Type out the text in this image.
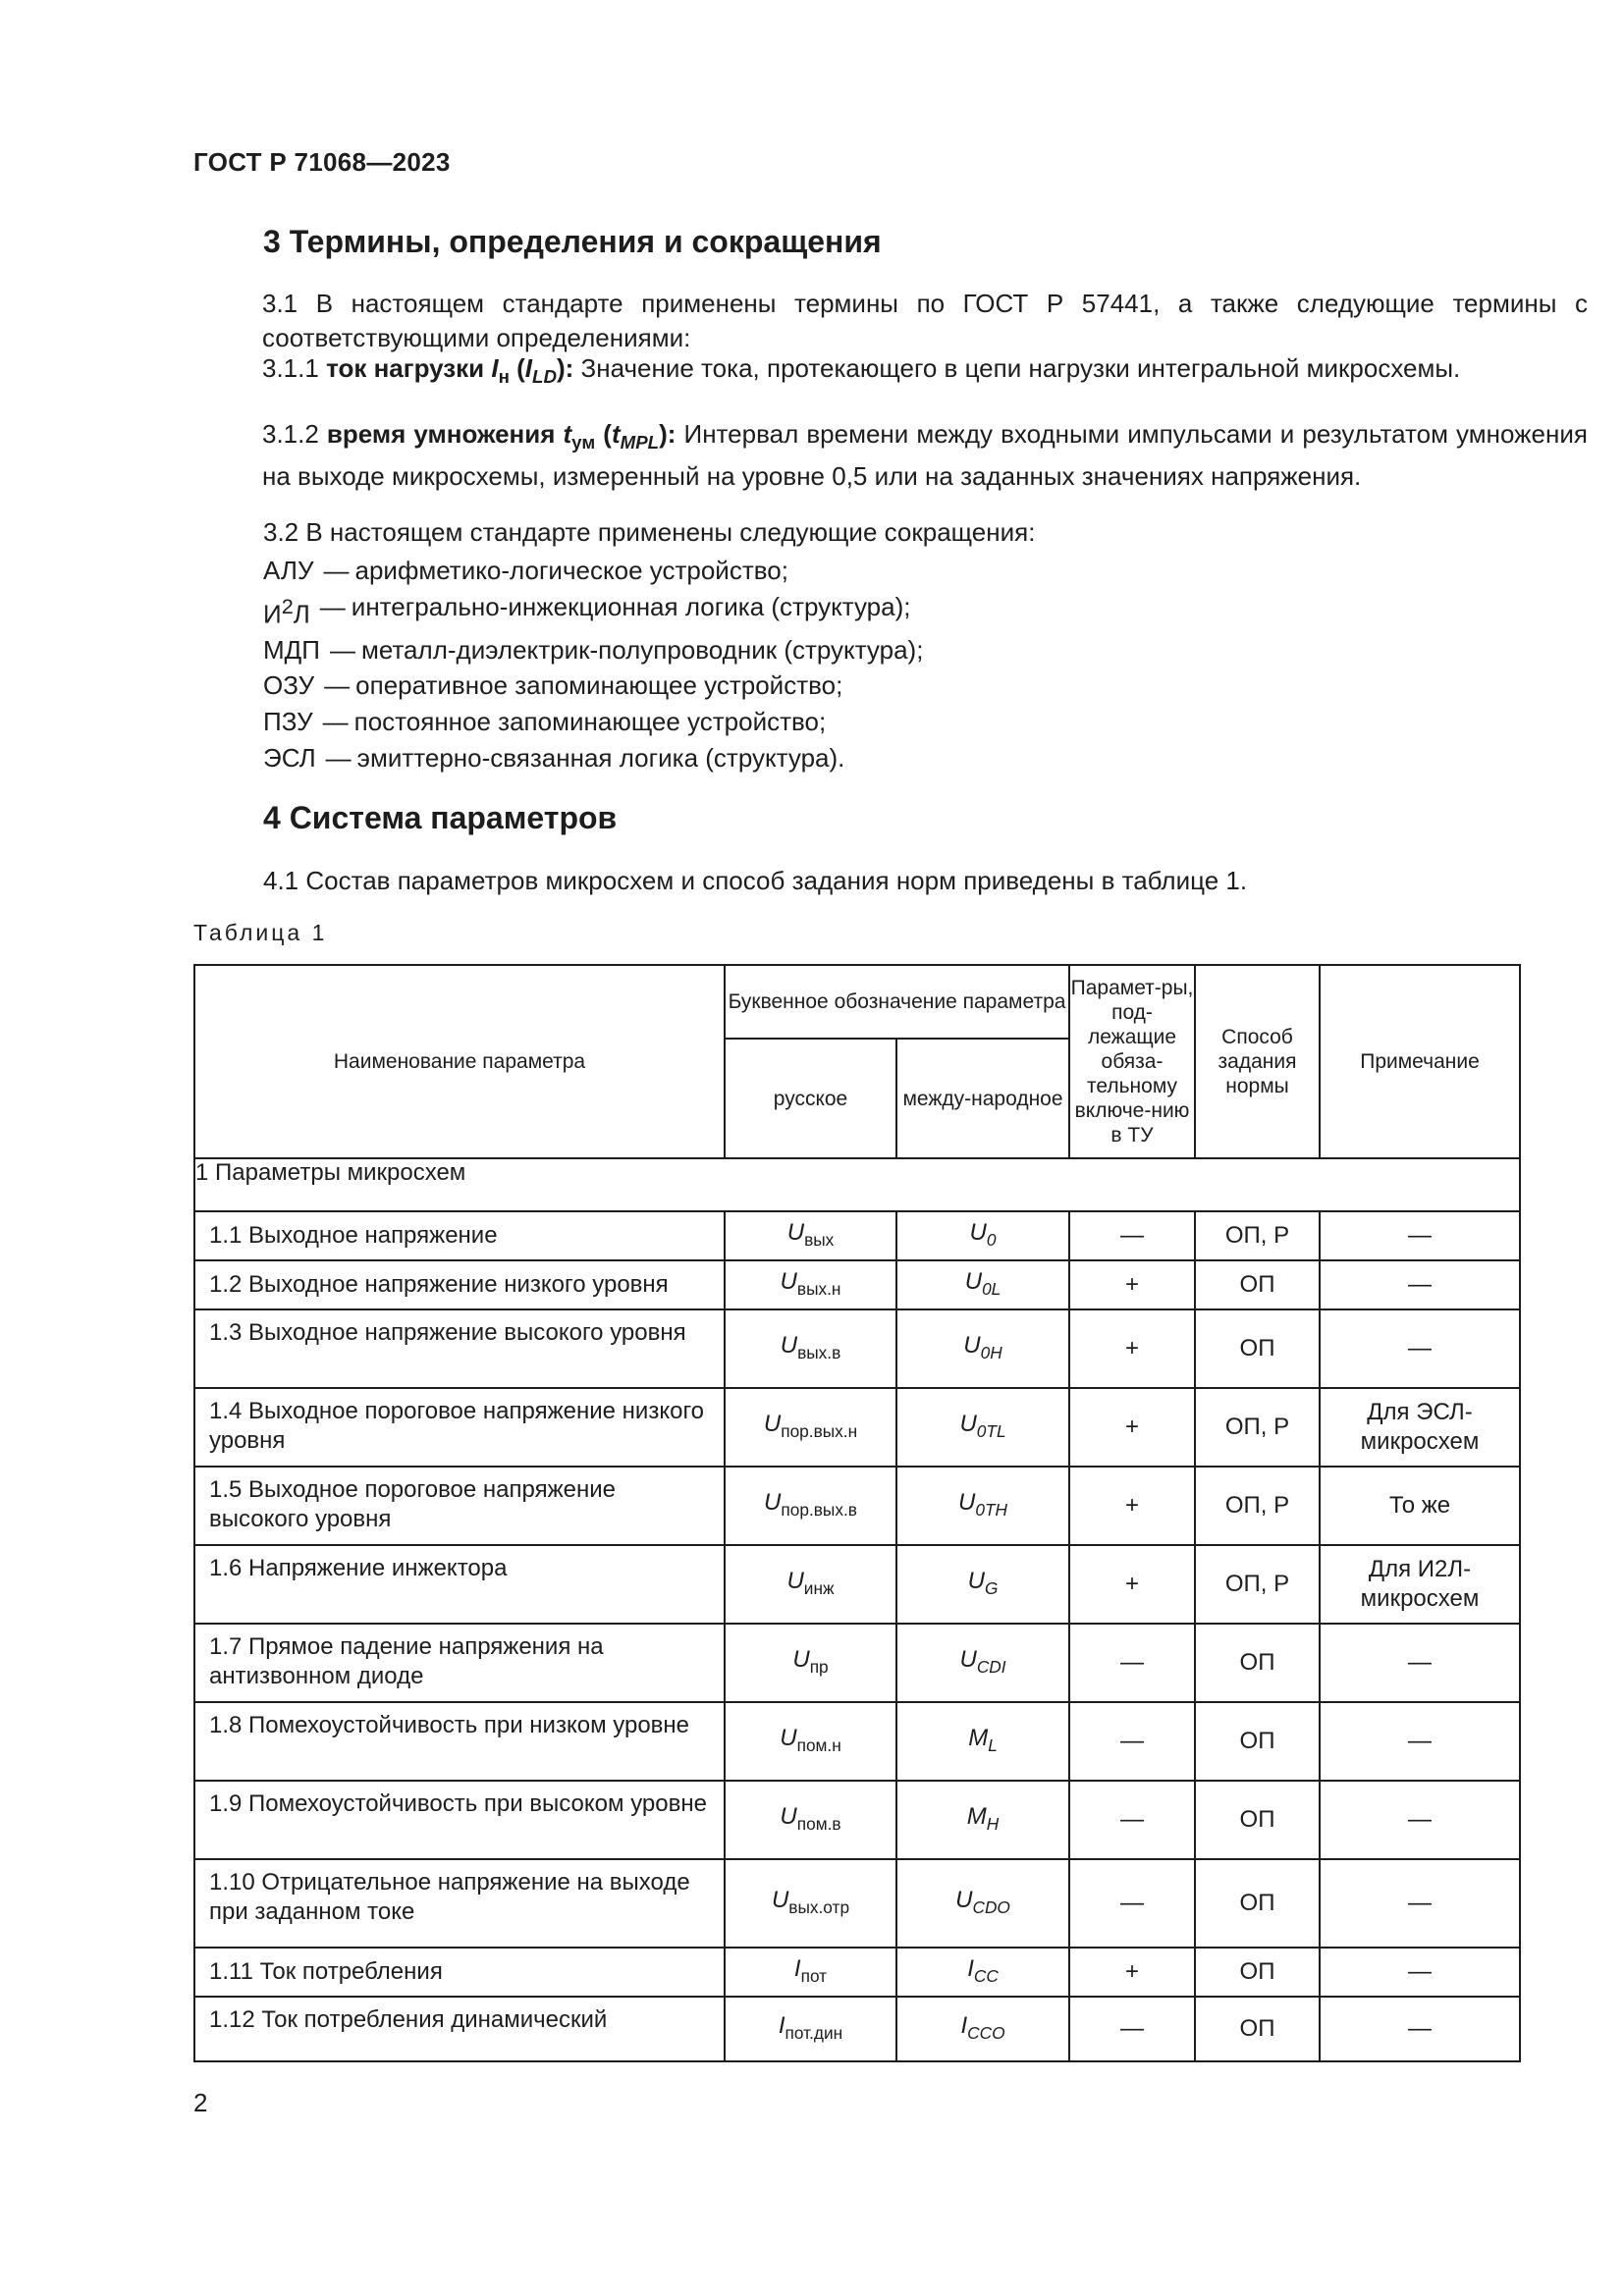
ГОСТ Р 71068—2023
3 Термины, определения и сокращения
3.1 В настоящем стандарте применены термины по ГОСТ Р 57441, а также следующие термины с соответствующими определениями:
3.1.1 ток нагрузки $I_н$ $(I_{LD})$: Значение тока, протекающего в цепи нагрузки интегральной микросхемы.
3.1.2 время умножения $t_{ум}$ $(t_{MPL})$: Интервал времени между входными импульсами и результатом умножения на выходе микросхемы, измеренный на уровне 0,5 или на заданных значениях напряжения.
3.2 В настоящем стандарте применены следующие сокращения:
АЛУ — арифметико-логическое устройство;
$И^2Л$ — интегрально-инжекционная логика (структура);
МДП — металл-диэлектрик-полупроводник (структура);
ОЗУ — оперативное запоминающее устройство;
ПЗУ — постоянное запоминающее устройство;
ЭСЛ — эмиттерно-связанная логика (структура).
4 Система параметров
4.1 Состав параметров микросхем и способ задания норм приведены в таблице 1.
Таблица 1
Наименование параметра	Буквенное обозначение параметра		Парамет-ры, под-лежащие обяза-тельному включе-нию в ТУ	Способ задания нормы	Примечание
	русское	между-народное			
1 Параметры микросхем					
1.1 Выходное напряжение	$U_{вых}$	$U_0$	—	ОП, Р	—
1.2 Выходное напряжение низкого уровня	$U_{вых.н}$	$U_{0L}$	+	ОП	—
1.3 Выходное напряжение высокого уровня	$U_{вых.в}$	$U_{0H}$	+	ОП	—
1.4 Выходное пороговое напряжение низкого уровня	$U_{пор.вых.н}$	$U_{0TL}$	+	ОП, Р	Для ЭСЛ-микросхем
1.5 Выходное пороговое напряжение высокого уровня	$U_{пор.вых.в}$	$U_{0TH}$	+	ОП, Р	То же
1.6 Напряжение инжектора	$U_{инж}$	$U_G$	+	ОП, Р	Для И2Л-микросхем
1.7 Прямое падение напряжения на антизвонном диоде	$U_{пр}$	$U_{CDI}$	—	ОП	—
1.8 Помехоустойчивость при низком уровне	$U_{пом.н}$	$M_L$	—	ОП	—
1.9 Помехоустойчивость при высоком уровне	$U_{пом.в}$	$M_H$	—	ОП	—
1.10 Отрицательное напряжение на выходе при заданном токе	$U_{вых.отр}$	$U_{CDO}$	—	ОП	—
1.11 Ток потребления	$I_{пот}$	$I_{CC}$	+	ОП	—
1.12 Ток потребления динамический	$I_{пот.дин}$	$I_{CCO}$	—	ОП	—
2
